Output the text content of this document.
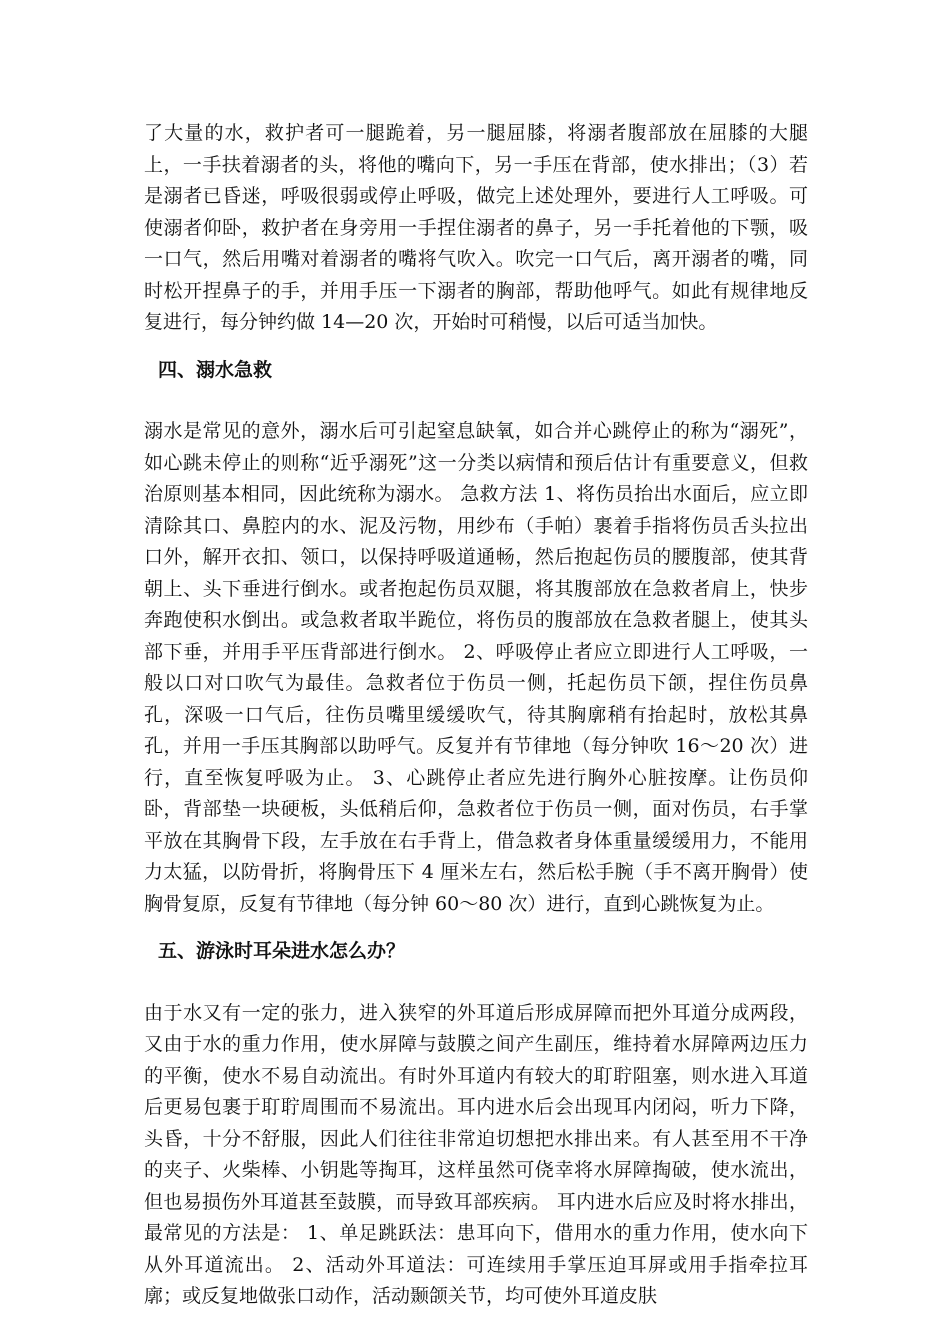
了大量的水，救护者可一腿跪着，另一腿屈膝，将溺者腹部放在屈膝的大腿上，一手扶着溺者的头，将他的嘴向下，另一手压在背部，使水排出；（3）若是溺者已昏迷，呼吸很弱或停止呼吸，做完上述处理外，要进行人工呼吸。可使溺者仰卧，救护者在身旁用一手捏住溺者的鼻子，另一手托着他的下颚，吸一口气，然后用嘴对着溺者的嘴将气吹入。吹完一口气后，离开溺者的嘴，同时松开捏鼻子的手，并用手压一下溺者的胸部，帮助他呼气。如此有规律地反复进行，每分钟约做 14—20 次，开始时可稍慢，以后可适当加快。

四、溺水急救

溺水是常见的意外，溺水后可引起窒息缺氧，如合并心跳停止的称为“溺死”，如心跳未停止的则称“近乎溺死”这一分类以病情和预后估计有重要意义，但救治原则基本相同，因此统称为溺水。 急救方法 1、将伤员抬出水面后，应立即清除其口、鼻腔内的水、泥及污物，用纱布（手帕）裹着手指将伤员舌头拉出口外，解开衣扣、领口，以保持呼吸道通畅，然后抱起伤员的腰腹部，使其背朝上、头下垂进行倒水。或者抱起伤员双腿，将其腹部放在急救者肩上，快步奔跑使积水倒出。或急救者取半跪位，将伤员的腹部放在急救者腿上，使其头部下垂，并用手平压背部进行倒水。 2、呼吸停止者应立即进行人工呼吸，一般以口对口吹气为最佳。急救者位于伤员一侧，托起伤员下颌，捏住伤员鼻孔，深吸一口气后，往伤员嘴里缓缓吹气，待其胸廓稍有抬起时，放松其鼻孔，并用一手压其胸部以助呼气。反复并有节律地（每分钟吹 16～20 次）进行，直至恢复呼吸为止。 3、心跳停止者应先进行胸外心脏按摩。让伤员仰卧，背部垫一块硬板，头低稍后仰，急救者位于伤员一侧，面对伤员，右手掌平放在其胸骨下段，左手放在右手背上，借急救者身体重量缓缓用力，不能用力太猛，以防骨折，将胸骨压下 4 厘米左右，然后松手腕（手不离开胸骨）使胸骨复原，反复有节律地（每分钟 60～80 次）进行，直到心跳恢复为止。

五、游泳时耳朵进水怎么办？

由于水又有一定的张力，进入狭窄的外耳道后形成屏障而把外耳道分成两段，又由于水的重力作用，使水屏障与鼓膜之间产生副压，维持着水屏障两边压力的平衡，使水不易自动流出。有时外耳道内有较大的耵聍阻塞，则水进入耳道后更易包裹于耵聍周围而不易流出。耳内进水后会出现耳内闭闷，听力下降，头昏，十分不舒服，因此人们往往非常迫切想把水排出来。有人甚至用不干净的夹子、火柴棒、小钥匙等掏耳，这样虽然可侥幸将水屏障掏破，使水流出，但也易损伤外耳道甚至鼓膜，而导致耳部疾病。 耳内进水后应及时将水排出，最常见的方法是： 1、单足跳跃法：患耳向下，借用水的重力作用，使水向下从外耳道流出。 2、活动外耳道法：可连续用手掌压迫耳屏或用手指牵拉耳廓；或反复地做张口动作，活动颞颌关节，均可使外耳道皮肤
